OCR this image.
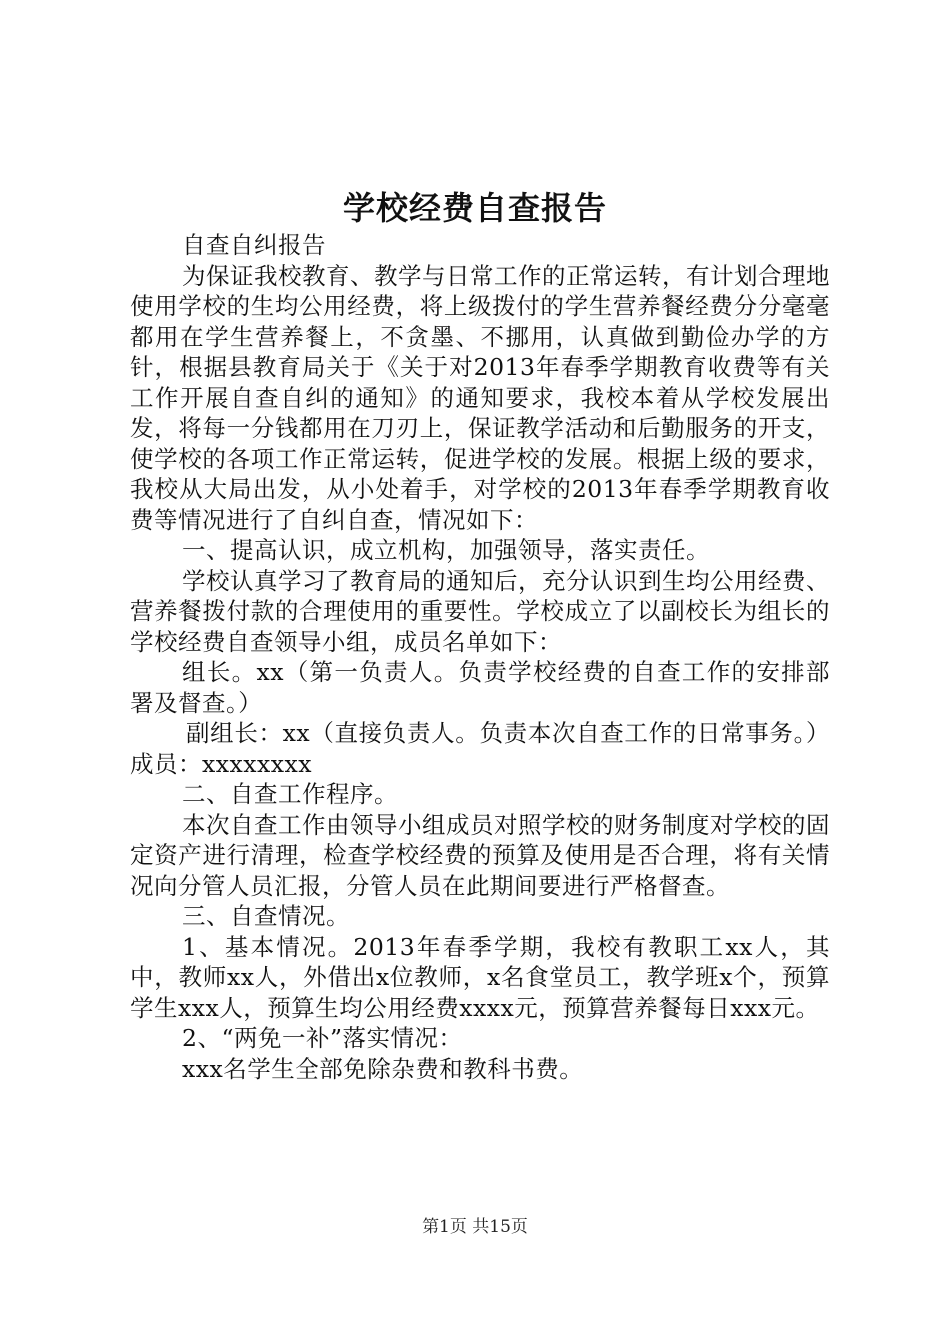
学校经费自查报告

自查自纠报告

为保证我校教育、教学与日常工作的正常运转，有计划合理地使用学校的生均公用经费，将上级拨付的学生营养餐经费分分毫毫都用在学生营养餐上，不贪墨、不挪用，认真做到勤俭办学的方针，根据县教育局关于《关于对2013年春季学期教育收费等有关工作开展自查自纠的通知》的通知要求，我校本着从学校发展出发，将每一分钱都用在刀刃上，保证教学活动和后勤服务的开支，使学校的各项工作正常运转，促进学校的发展。根据上级的要求，我校从大局出发，从小处着手，对学校的2013年春季学期教育收费等情况进行了自纠自查，情况如下：

一、提高认识，成立机构，加强领导，落实责任。

学校认真学习了教育局的通知后，充分认识到生均公用经费、营养餐拨付款的合理使用的重要性。学校成立了以副校长为组长的学校经费自查领导小组，成员名单如下：

组长。xx（第一负责人。负责学校经费的自查工作的安排部署及督查。）

副组长：xx（直接负责人。负责本次自查工作的日常事务。）成员：xxxxxxxx

二、自查工作程序。

本次自查工作由领导小组成员对照学校的财务制度对学校的固定资产进行清理，检查学校经费的预算及使用是否合理，将有关情况向分管人员汇报，分管人员在此期间要进行严格督查。

三、自查情况。

1、基本情况。2013年春季学期，我校有教职工xx人，其中，教师xx人，外借出x位教师，x名食堂员工，教学班x个，预算学生xxx人，预算生均公用经费xxxx元，预算营养餐每日xxx元。

2、“两免一补”落实情况：

xxx名学生全部免除杂费和教科书费。

第1页 共15页
